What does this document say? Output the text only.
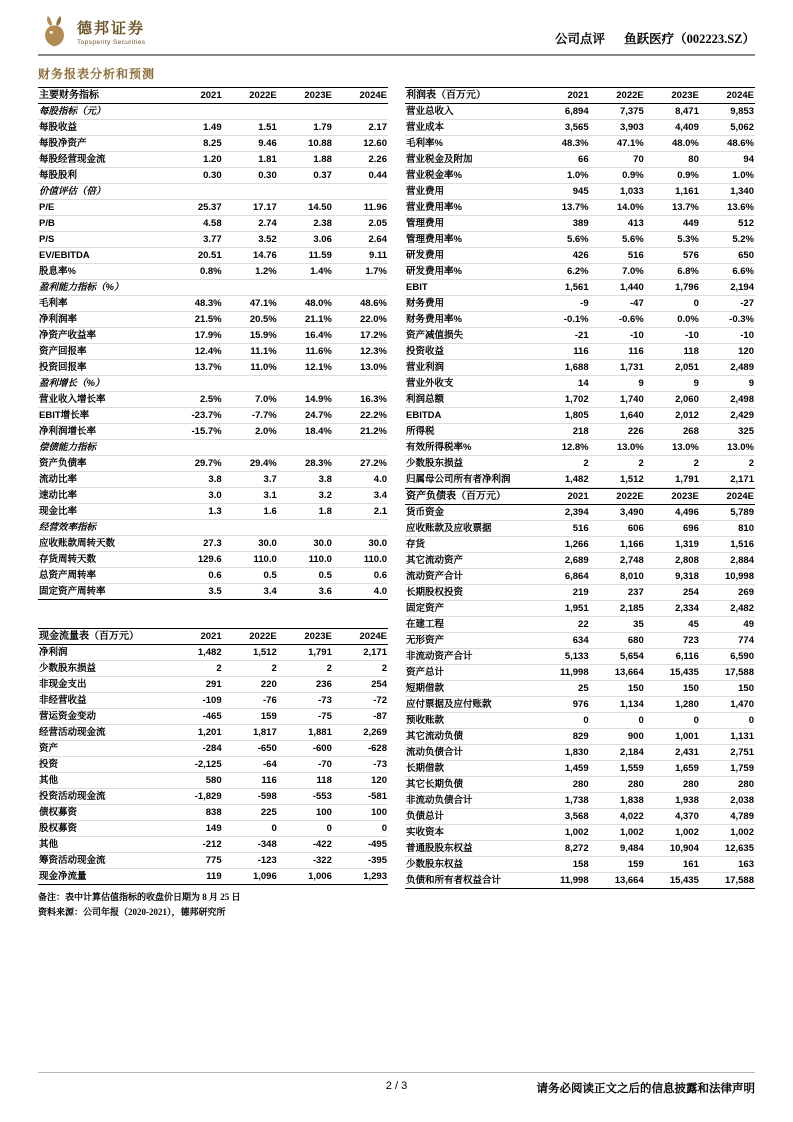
德邦证券
Topsperity Securities	公司点评 鱼跃医疗（002223.SZ）
财务报表分析和预测
主要财务指标	2021	2022E	2023E	2024E
每股指标（元）				
每股收益	1.49	1.51	1.79	2.17
每股净资产	8.25	9.46	10.88	12.60
每股经营现金流	1.20	1.81	1.88	2.26
每股股利	0.30	0.30	0.37	0.44
价值评估（倍）				
P/E	25.37	17.17	14.50	11.96
P/B	4.58	2.74	2.38	2.05
P/S	3.77	3.52	3.06	2.64
EV/EBITDA	20.51	14.76	11.59	9.11
股息率%	0.8%	1.2%	1.4%	1.7%
盈利能力指标（%）				
毛利率	48.3%	47.1%	48.0%	48.6%
净利润率	21.5%	20.5%	21.1%	22.0%
净资产收益率	17.9%	15.9%	16.4%	17.2%
资产回报率	12.4%	11.1%	11.6%	12.3%
投资回报率	13.7%	11.0%	12.1%	13.0%
盈利增长（%）				
营业收入增长率	2.5%	7.0%	14.9%	16.3%
EBIT增长率	-23.7%	-7.7%	24.7%	22.2%
净利润增长率	-15.7%	2.0%	18.4%	21.2%
偿债能力指标				
资产负债率	29.7%	29.4%	28.3%	27.2%
流动比率	3.8	3.7	3.8	4.0
速动比率	3.0	3.1	3.2	3.4
现金比率	1.3	1.6	1.8	2.1
经营效率指标				
应收账款周转天数	27.3	30.0	30.0	30.0
存货周转天数	129.6	110.0	110.0	110.0
总资产周转率	0.6	0.5	0.5	0.6
固定资产周转率	3.5	3.4	3.6	4.0
现金流量表（百万元）	2021	2022E	2023E	2024E
净利润	1,482	1,512	1,791	2,171
少数股东损益	2	2	2	2
非现金支出	291	220	236	254
非经营收益	-109	-76	-73	-72
营运资金变动	-465	159	-75	-87
经营活动现金流	1,201	1,817	1,881	2,269
资产	-284	-650	-600	-628
投资	-2,125	-64	-70	-73
其他	580	116	118	120
投资活动现金流	-1,829	-598	-553	-581
债权募资	838	225	100	100
股权募资	149	0	0	0
其他	-212	-348	-422	-495
筹资活动现金流	775	-123	-322	-395
现金净流量	119	1,096	1,006	1,293
备注：表中计算估值指标的收盘价日期为 8 月 25 日
资料来源：公司年报（2020-2021），德邦研究所
利润表（百万元）	2021	2022E	2023E	2024E
营业总收入	6,894	7,375	8,471	9,853
营业成本	3,565	3,903	4,409	5,062
毛利率%	48.3%	47.1%	48.0%	48.6%
营业税金及附加	66	70	80	94
营业税金率%	1.0%	0.9%	0.9%	1.0%
营业费用	945	1,033	1,161	1,340
营业费用率%	13.7%	14.0%	13.7%	13.6%
管理费用	389	413	449	512
管理费用率%	5.6%	5.6%	5.3%	5.2%
研发费用	426	516	576	650
研发费用率%	6.2%	7.0%	6.8%	6.6%
EBIT	1,561	1,440	1,796	2,194
财务费用	-9	-47	0	-27
财务费用率%	-0.1%	-0.6%	0.0%	-0.3%
资产减值损失	-21	-10	-10	-10
投资收益	116	116	118	120
营业利润	1,688	1,731	2,051	2,489
营业外收支	14	9	9	9
利润总额	1,702	1,740	2,060	2,498
EBITDA	1,805	1,640	2,012	2,429
所得税	218	226	268	325
有效所得税率%	12.8%	13.0%	13.0%	13.0%
少数股东损益	2	2	2	2
归属母公司所有者净利润	1,482	1,512	1,791	2,171
资产负债表（百万元）	2021	2022E	2023E	2024E
货币资金	2,394	3,490	4,496	5,789
应收账款及应收票据	516	606	696	810
存货	1,266	1,166	1,319	1,516
其它流动资产	2,689	2,748	2,808	2,884
流动资产合计	6,864	8,010	9,318	10,998
长期股权投资	219	237	254	269
固定资产	1,951	2,185	2,334	2,482
在建工程	22	35	45	49
无形资产	634	680	723	774
非流动资产合计	5,133	5,654	6,116	6,590
资产总计	11,998	13,664	15,435	17,588
短期借款	25	150	150	150
应付票据及应付账款	976	1,134	1,280	1,470
预收账款	0	0	0	0
其它流动负债	829	900	1,001	1,131
流动负债合计	1,830	2,184	2,431	2,751
长期借款	1,459	1,559	1,659	1,759
其它长期负债	280	280	280	280
非流动负债合计	1,738	1,838	1,938	2,038
负债总计	3,568	4,022	4,370	4,789
实收资本	1,002	1,002	1,002	1,002
普通股股东权益	8,272	9,484	10,904	12,635
少数股东权益	158	159	161	163
负债和所有者权益合计	11,998	13,664	15,435	17,588
2 / 3	请务必阅读正文之后的信息披露和法律声明
